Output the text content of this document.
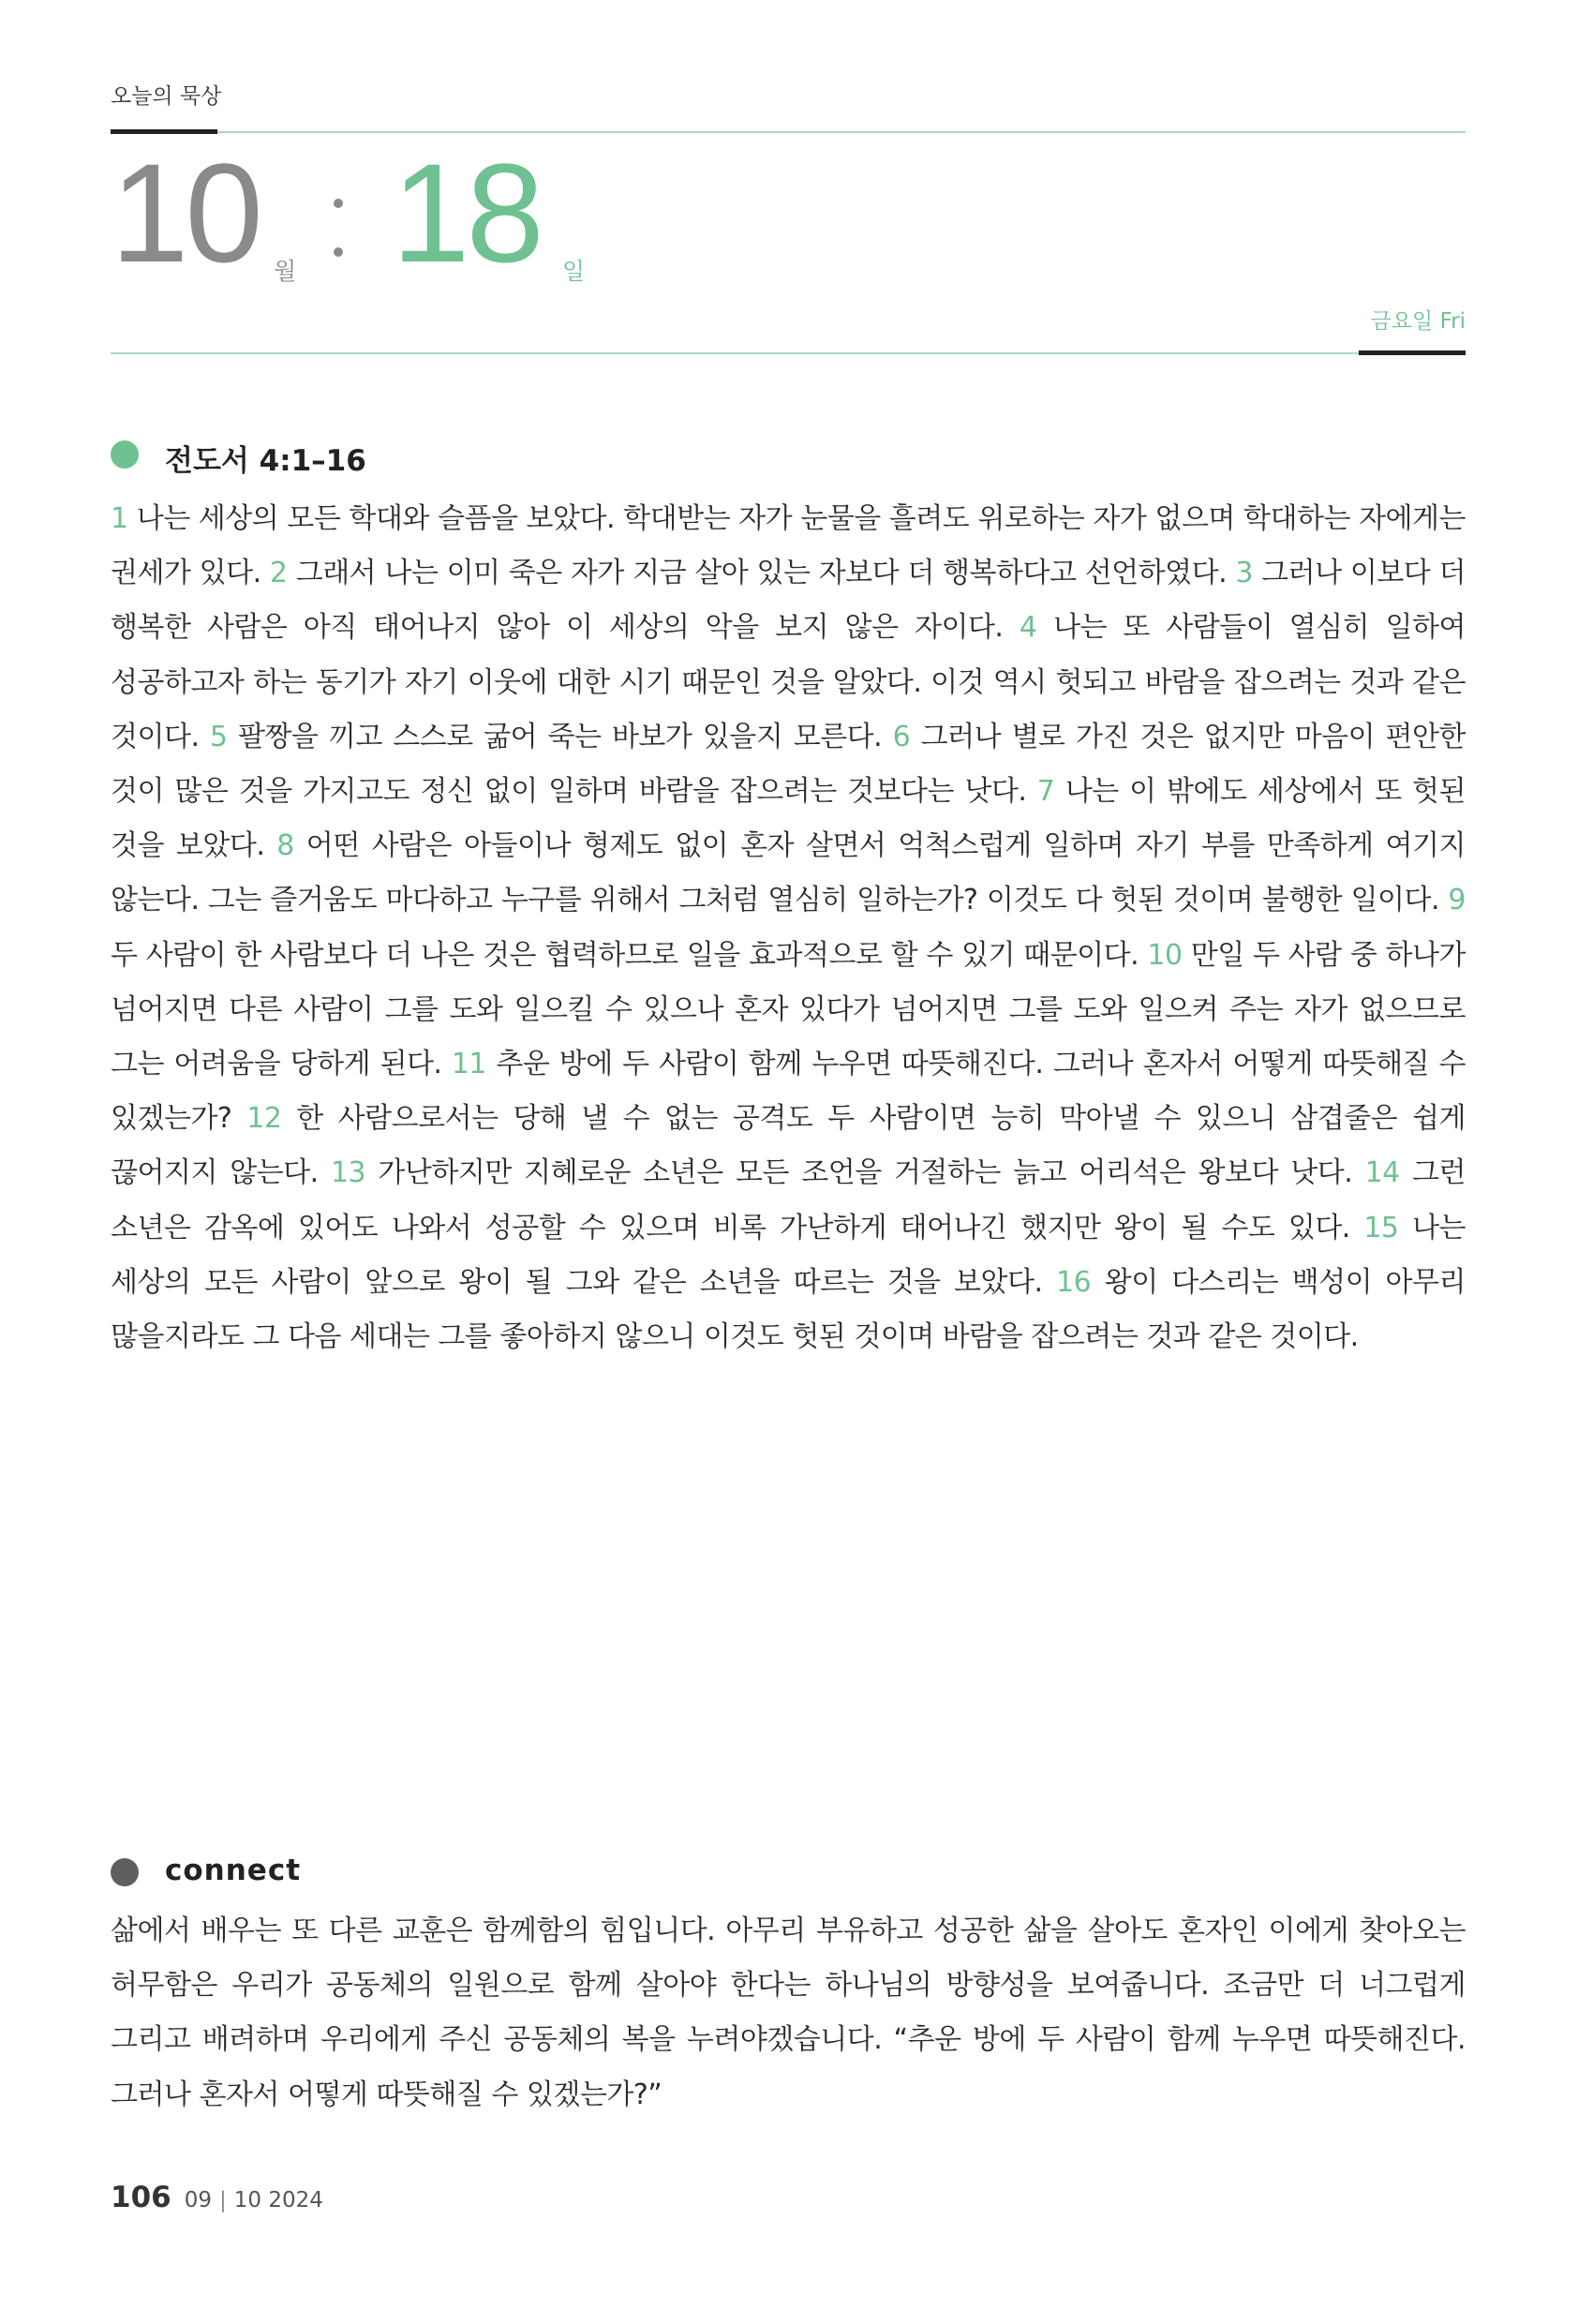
오늘의 묵상
10 월 18 일
금요일 Fri
전도서 4:1–16
1 나는 세상의 모든 학대와 슬픔을 보았다. 학대받는 자가 눈물을 흘려도 위로하는 자가 없으며 학대하는 자에게는 권세가 있다. 2 그래서 나는 이미 죽은 자가 지금 살아 있는 자보다 더 행복하다고 선언하였다. 3 그러나 이보다 더 행복한 사람은 아직 태어나지 않아 이 세상의 악을 보지 않은 자이다. 4 나는 또 사람들이 열심히 일하여 성공하고자 하는 동기가 자기 이웃에 대한 시기 때문인 것을 알았다. 이것 역시 헛되고 바람을 잡으려는 것과 같은 것이다. 5 팔짱을 끼고 스스로 굶어 죽는 바보가 있을지 모른다. 6 그러나 별로 가진 것은 없지만 마음이 편안한 것이 많은 것을 가지고도 정신 없이 일하며 바람을 잡으려는 것보다는 낫다. 7 나는 이 밖에도 세상에서 또 헛된 것을 보았다. 8 어떤 사람은 아들이나 형제도 없이 혼자 살면서 억척스럽게 일하며 자기 부를 만족하게 여기지 않는다. 그는 즐거움도 마다하고 누구를 위해서 그처럼 열심히 일하는가? 이것도 다 헛된 것이며 불행한 일이다. 9 두 사람이 한 사람보다 더 나은 것은 협력하므로 일을 효과적으로 할 수 있기 때문이다. 10 만일 두 사람 중 하나가 넘어지면 다른 사람이 그를 도와 일으킬 수 있으나 혼자 있다가 넘어지면 그를 도와 일으켜 주는 자가 없으므로 그는 어려움을 당하게 된다. 11 추운 방에 두 사람이 함께 누우면 따뜻해진다. 그러나 혼자서 어떻게 따뜻해질 수 있겠는가? 12 한 사람으로서는 당해 낼 수 없는 공격도 두 사람이면 능히 막아낼 수 있으니 삼겹줄은 쉽게 끊어지지 않는다. 13 가난하지만 지혜로운 소년은 모든 조언을 거절하는 늙고 어리석은 왕보다 낫다. 14 그런 소년은 감옥에 있어도 나와서 성공할 수 있으며 비록 가난하게 태어나긴 했지만 왕이 될 수도 있다. 15 나는 세상의 모든 사람이 앞으로 왕이 될 그와 같은 소년을 따르는 것을 보았다. 16 왕이 다스리는 백성이 아무리 많을지라도 그 다음 세대는 그를 좋아하지 않으니 이것도 헛된 것이며 바람을 잡으려는 것과 같은 것이다.
connect
삶에서 배우는 또 다른 교훈은 함께함의 힘입니다. 아무리 부유하고 성공한 삶을 살아도 혼자인 이에게 찾아오는 허무함은 우리가 공동체의 일원으로 함께 살아야 한다는 하나님의 방향성을 보여줍니다. 조금만 더 너그럽게 그리고 배려하며 우리에게 주신 공동체의 복을 누려야겠습니다. “추운 방에 두 사람이 함께 누우면 따뜻해진다. 그러나 혼자서 어떻게 따뜻해질 수 있겠는가?”
106 09 | 10 2024
